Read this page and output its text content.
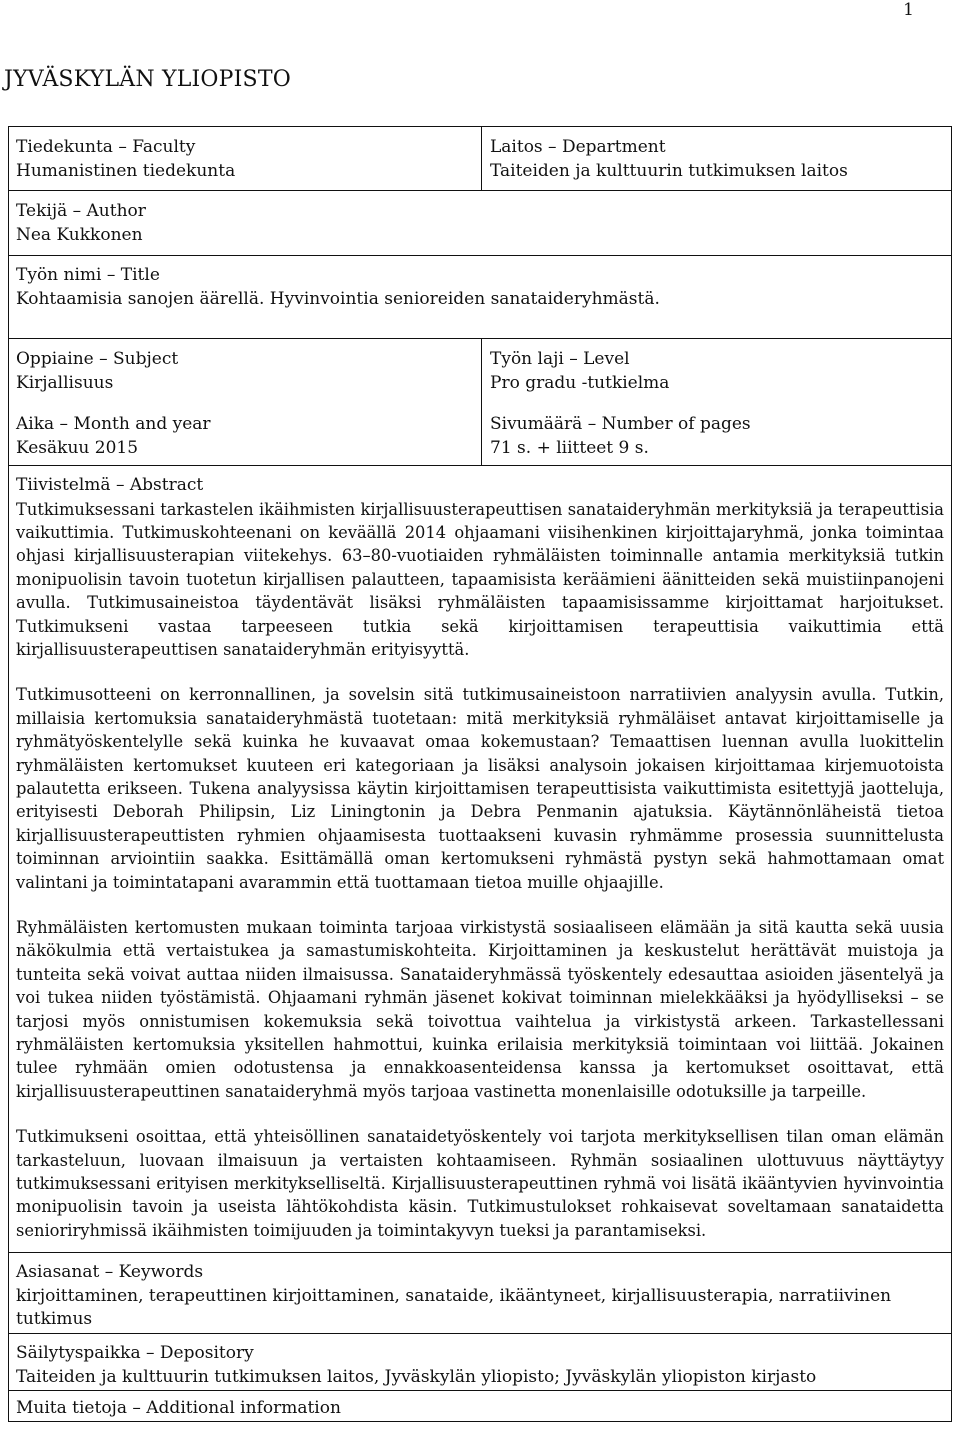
1
JYVÄSKYLÄN YLIOPISTO
Tiedekunta – Faculty
Humanistinen tiedekunta
Laitos – Department
Taiteiden ja kulttuurin tutkimuksen laitos
Tekijä – Author
Nea Kukkonen
Työn nimi – Title
Kohtaamisia sanojen äärellä. Hyvinvointia senioreiden sanataideryhmästä.
Oppiaine – Subject
Kirjallisuus
Aika – Month and year
Kesäkuu 2015
Työn laji – Level
Pro gradu -tutkielma
Sivumäärä – Number of pages
71 s. + liitteet 9 s.
Tiivistelmä – Abstract

Tutkimuksessani tarkastelen ikäihmisten kirjallisuusterapeuttisen sanataideryhmän merkityksiä ja terapeuttisia vaikuttimia. Tutkimuskohteenani on keväällä 2014 ohjaamani viisihenkinen kirjoittajaryhmä, jonka toimintaa ohjasi kirjallisuusterapian viitekehys. 63–80-vuotiaiden ryhmäläisten toiminnalle antamia merkityksiä tutkin monipuolisin tavoin tuotetun kirjallisen palautteen, tapaamisista keräämieni äänitteiden sekä muistiinpanojeni avulla. Tutkimusaineistoa täydentävät lisäksi ryhmäläisten tapaamisissamme kirjoittamat harjoitukset. Tutkimukseni vastaa tarpeeseen tutkia sekä kirjoittamisen terapeuttisia vaikuttimia että kirjallisuusterapeuttisen sanataideryhmän erityisyyttä.

Tutkimusotteeni on kerronnallinen, ja sovelsin sitä tutkimusaineistoon narratiivien analyysin avulla. Tutkin, millaisia kertomuksia sanataideryhmästä tuotetaan: mitä merkityksiä ryhmäläiset antavat kirjoittamiselle ja ryhmätyöskentelylle sekä kuinka he kuvaavat omaa kokemustaan? Temaattisen luennan avulla luokittelin ryhmäläisten kertomukset kuuteen eri kategoriaan ja lisäksi analysoin jokaisen kirjoittamaa kirjemuotoista palautetta erikseen. Tukena analyysissa käytin kirjoittamisen terapeuttisista vaikuttimista esitettyjä jaotteluja, erityisesti Deborah Philipsin, Liz Liningtonin ja Debra Penmanin ajatuksia. Käytännönläheistä tietoa kirjallisuusterapeuttisten ryhmien ohjaamisesta tuottaakseni kuvasin ryhmämme prosessia suunnittelusta toiminnan arviointiin saakka. Esittämällä oman kertomukseni ryhmästä pystyn sekä hahmottamaan omat valintani ja toimintatapani avarammin että tuottamaan tietoa muille ohjaajille.

Ryhmäläisten kertomusten mukaan toiminta tarjoaa virkistystä sosiaaliseen elämään ja sitä kautta sekä uusia näkökulmia että vertaistukea ja samastumiskohteita. Kirjoittaminen ja keskustelut herättävät muistoja ja tunteita sekä voivat auttaa niiden ilmaisussa. Sanataideryhmässä työskentely edesauttaa asioiden jäsentelyä ja voi tukea niiden työstämistä. Ohjaamani ryhmän jäsenet kokivat toiminnan mielekkääksi ja hyödylliseksi – se tarjosi myös onnistumisen kokemuksia sekä toivottua vaihtelua ja virkistystä arkeen. Tarkastellessani ryhmäläisten kertomuksia yksitellen hahmottui, kuinka erilaisia merkityksiä toimintaan voi liittää. Jokainen tulee ryhmään omien odotustensa ja ennakkoasenteidensa kanssa ja kertomukset osoittavat, että kirjallisuusterapeuttinen sanataideryhmä myös tarjoaa vastinetta monenlaisille odotuksille ja tarpeille.

Tutkimukseni osoittaa, että yhteisöllinen sanataidetyöskentely voi tarjota merkityksellisen tilan oman elämän tarkasteluun, luovaan ilmaisuun ja vertaisten kohtaamiseen. Ryhmän sosiaalinen ulottuvuus näyttäytyy tutkimuksessani erityisen merkitykselliseltä. Kirjallisuusterapeuttinen ryhmä voi lisätä ikääntyvien hyvinvointia monipuolisin tavoin ja useista lähtökohdista käsin. Tutkimustulokset rohkaisevat soveltamaan sanataidetta senioriryhmissä ikäihmisten toimijuuden ja toimintakyvyn tueksi ja parantamiseksi.

Asiasanat – Keywords
kirjoittaminen, terapeuttinen kirjoittaminen, sanataide, ikääntyneet, kirjallisuusterapia, narratiivinen tutkimus
Säilytyspaikka – Depository
Taiteiden ja kulttuurin tutkimuksen laitos, Jyväskylän yliopisto; Jyväskylän yliopiston kirjasto
Muita tietoja – Additional information
